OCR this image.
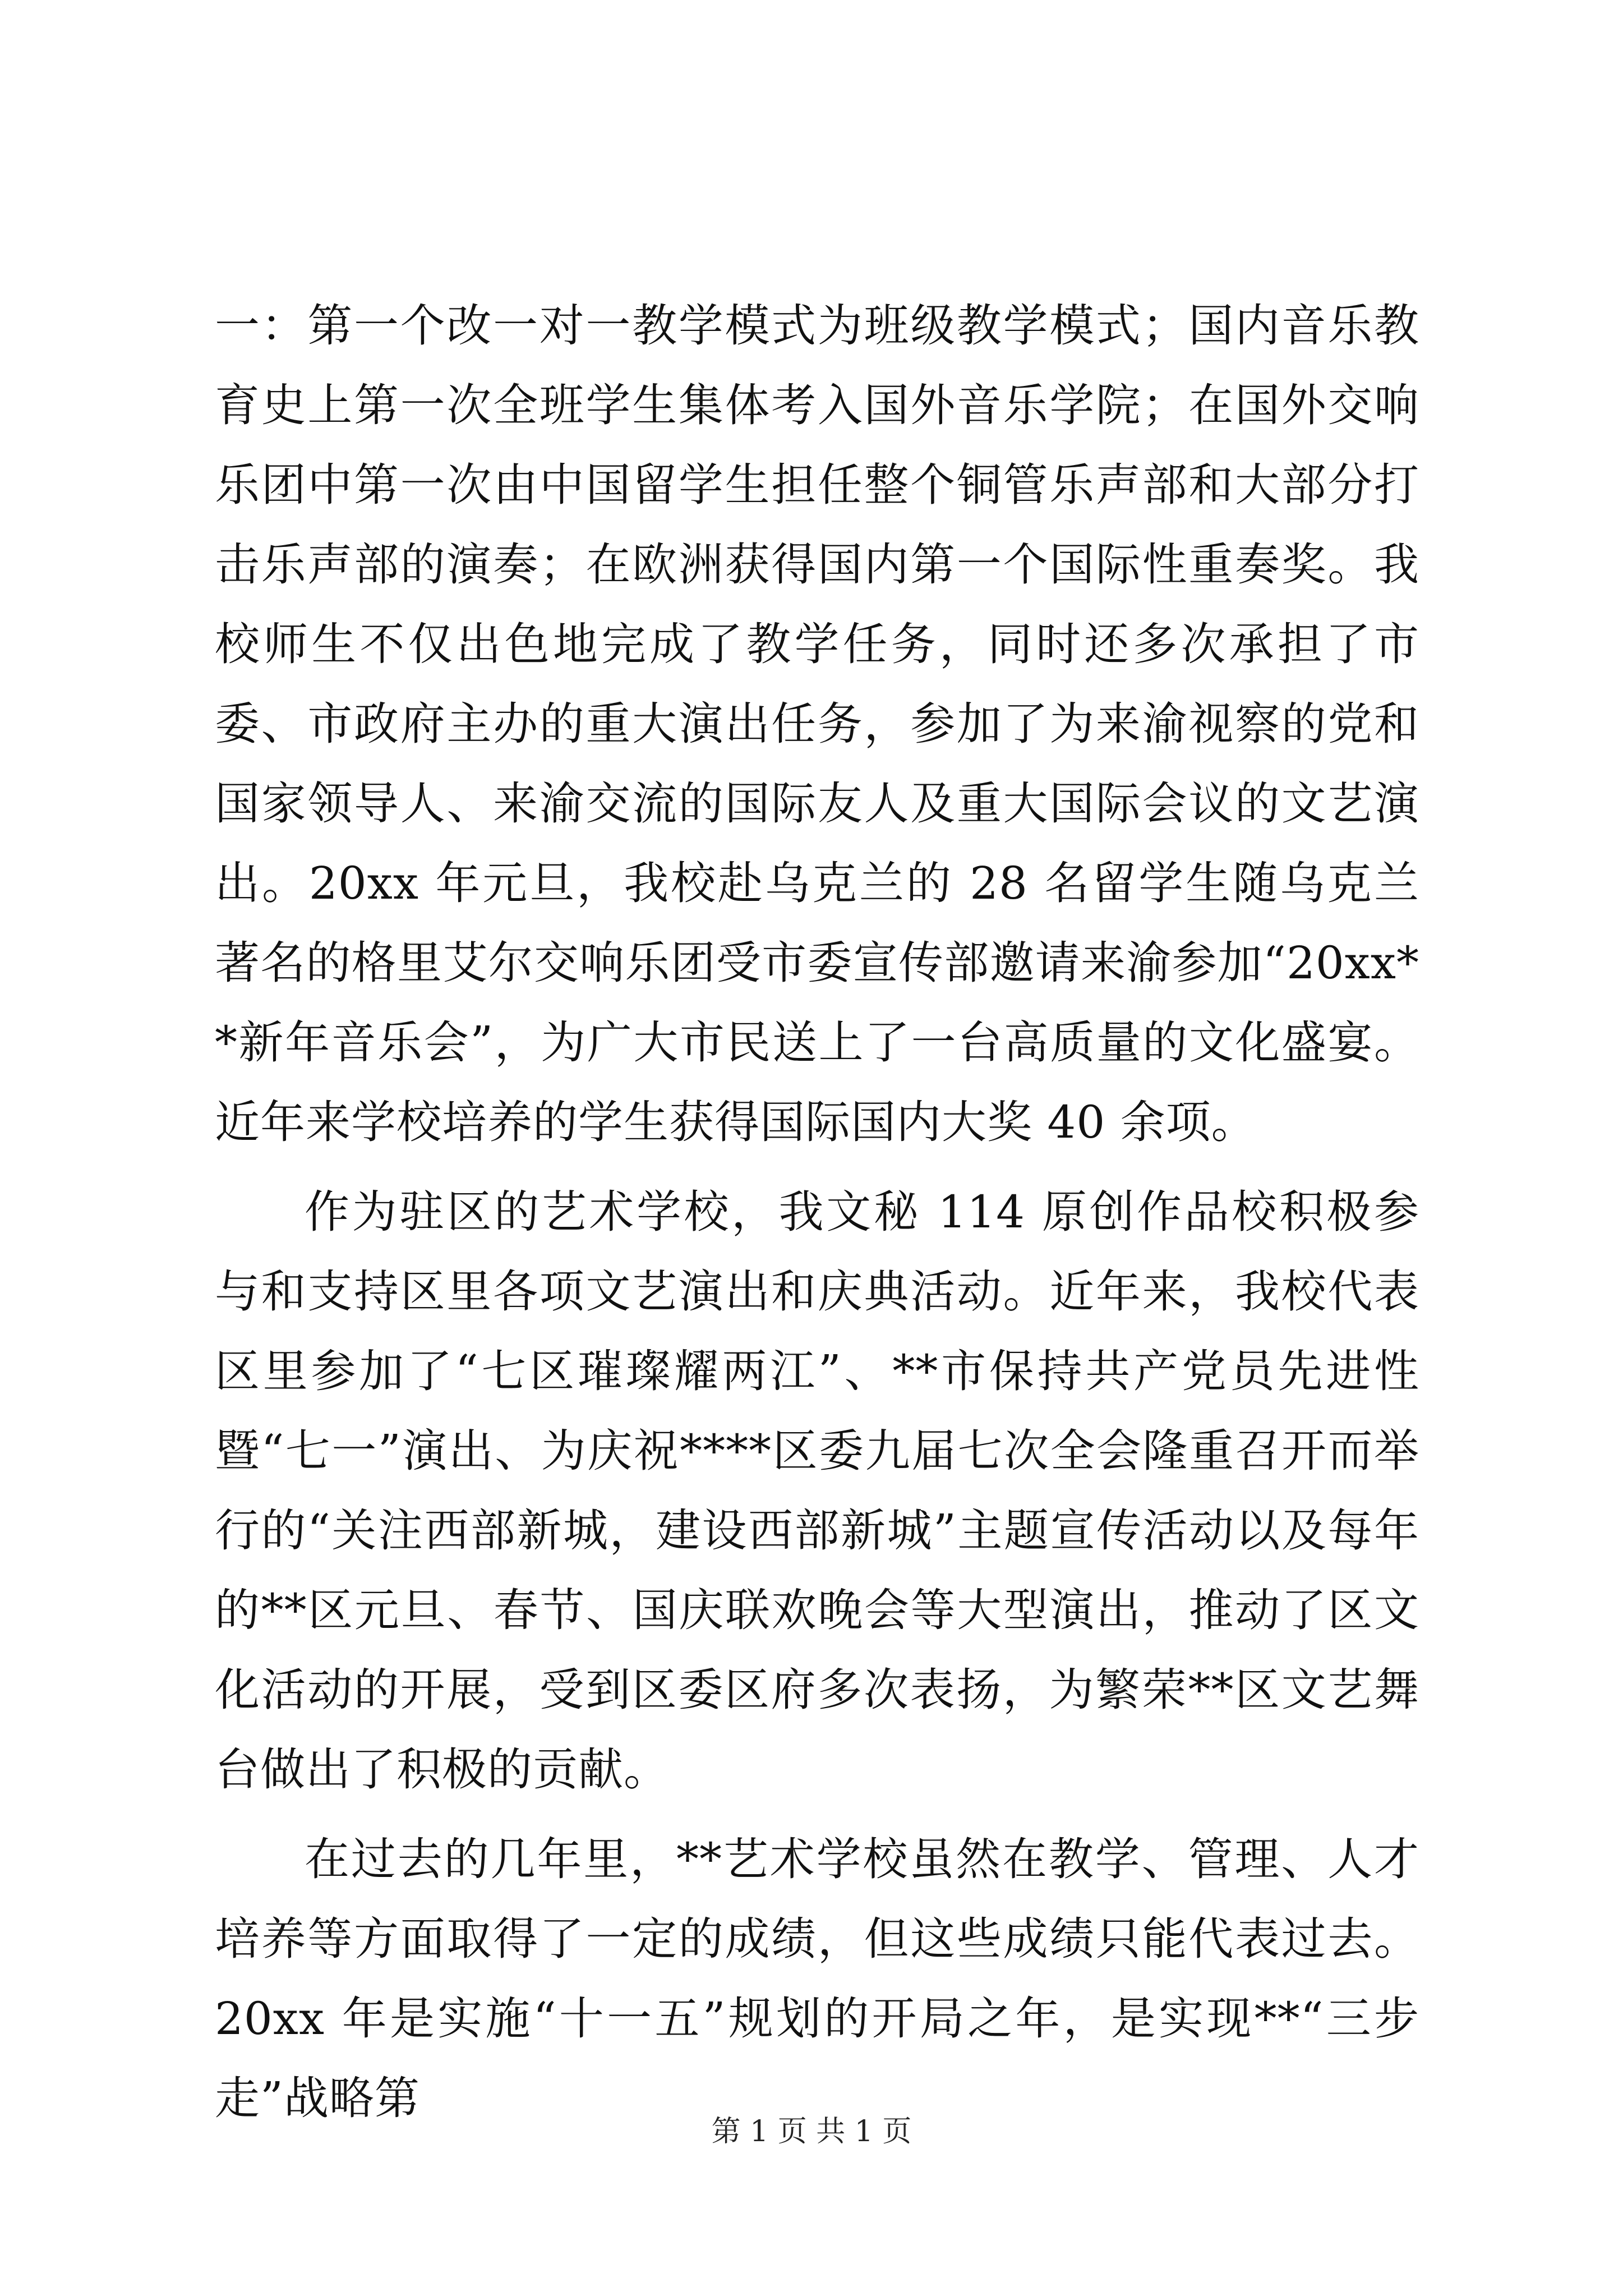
一：第一个改一对一教学模式为班级教学模式；国内音乐教育史上第一次全班学生集体考入国外音乐学院；在国外交响乐团中第一次由中国留学生担任整个铜管乐声部和大部分打击乐声部的演奏；在欧洲获得国内第一个国际性重奏奖。我校师生不仅出色地完成了教学任务，同时还多次承担了市委、市政府主办的重大演出任务，参加了为来渝视察的党和国家领导人、来渝交流的国际友人及重大国际会议的文艺演出。20xx 年元旦，我校赴乌克兰的 28 名留学生随乌克兰著名的格里艾尔交响乐团受市委宣传部邀请来渝参加“20xx**新年音乐会”，为广大市民送上了一台高质量的文化盛宴。近年来学校培养的学生获得国际国内大奖 40 余项。

作为驻区的艺术学校，我文秘 114 原创作品校积极参与和支持区里各项文艺演出和庆典活动。近年来，我校代表区里参加了“七区璀璨耀两江”、**市保持共产党员先进性暨“七一”演出、为庆祝****区委九届七次全会隆重召开而举行的“关注西部新城，建设西部新城”主题宣传活动以及每年的**区元旦、春节、国庆联欢晚会等大型演出，推动了区文化活动的开展，受到区委区府多次表扬，为繁荣**区文艺舞台做出了积极的贡献。

在过去的几年里，**艺术学校虽然在教学、管理、人才培养等方面取得了一定的成绩，但这些成绩只能代表过去。20xx 年是实施“十一五”规划的开局之年，是实现**“三步走”战略第

第 1 页 共 1 页
